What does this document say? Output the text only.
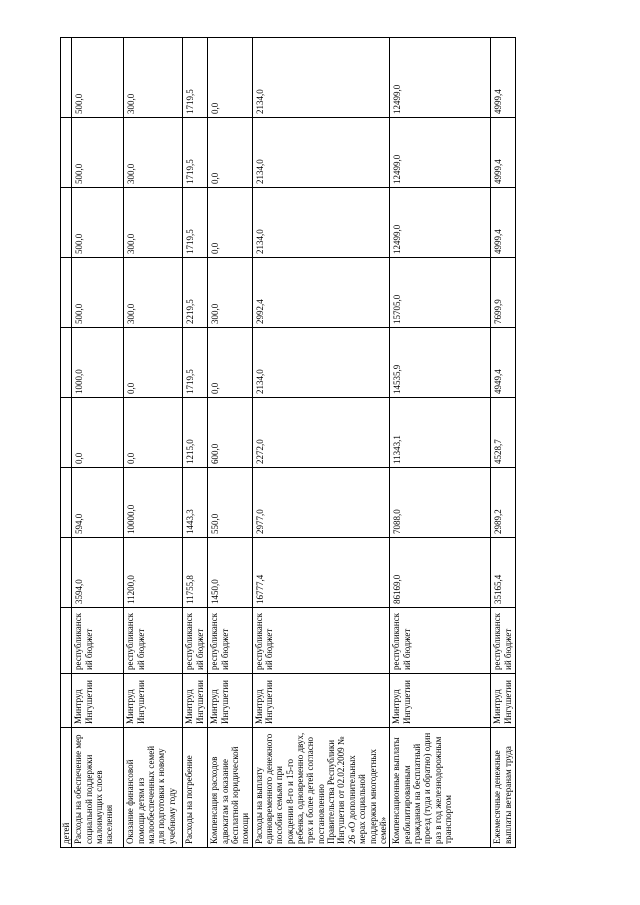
детей										
Расходы на обеспечение мер социальной поддержки малоимущих слоев населения	Минтруд Ингушетии	республиканский бюджет	3594,0	594,0	0,0	1000,0	500,0	500,0	500,0	500,0
Оказание финансовой помощи детям из малообеспеченных семей для подготовки к новому учебному году	Минтруд Ингушетии	республиканский бюджет	11200,0	10000,0	0,0	0,0	300,0	300,0	300,0	300,0
Расходы на погребение	Минтруд Ингушетии	республиканский бюджет	11755,8	1443,3	1215,0	1719,5	2219,5	1719,5	1719,5	1719,5
Компенсация расходов адвокатам за оказание бесплатной юридической помощи	Минтруд Ингушетии	республиканский бюджет	1450,0	550,0	600,0	0,0	300,0	0,0	0,0	0,0
Расходы на выплату единовременного денежного пособия семьям при рождении 8-го и 15-го ребенка, одновременно двух, трех и более детей согласно постановлению Правительства Республики Ингушетия от 02.02.2009 № 26 «О дополнительных мерах социальной поддержки многодетных семей»	Минтруд Ингушетии	республиканский бюджет	16777,4	2977,0	2272,0	2134,0	2992,4	2134,0	2134,0	2134,0
Компенсационные выплаты реабилитированным гражданам на бесплатный проезд (туда и обратно) один раз в год железнодорожным транспортом	Минтруд Ингушетии	республиканский бюджет	86169,0	7088,0	11343,1	14535,9	15705,0	12499,0	12499,0	12499,0
Ежемесячные денежные выплаты ветеранам труда	Минтруд Ингушетии	республиканский бюджет	35165,4	2989,2	4528,7	4949,4	7699,9	4999,4	4999,4	4999,4
